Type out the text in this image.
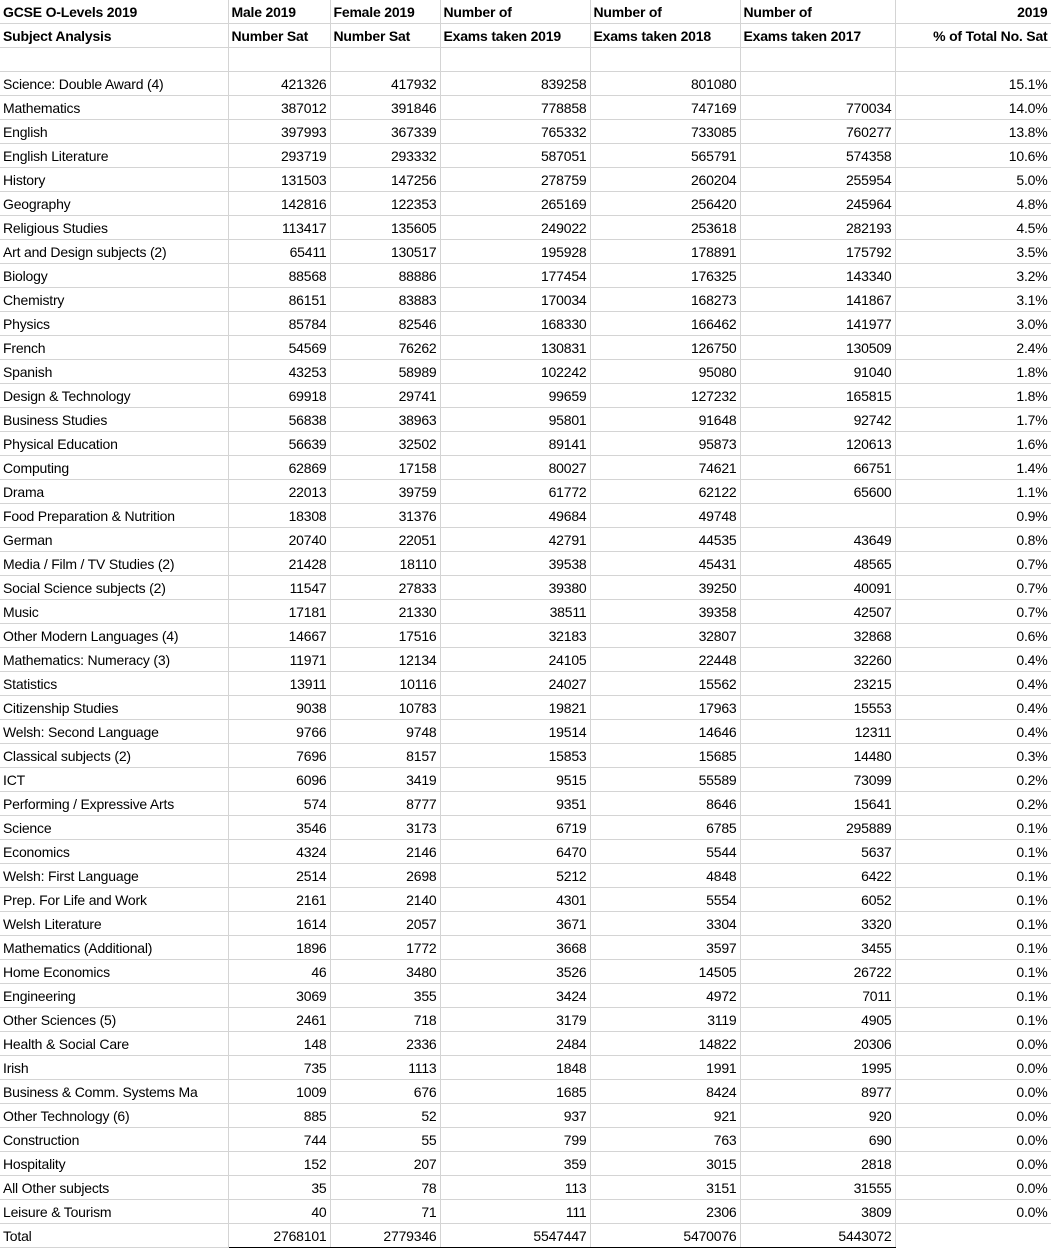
GCSE O-Levels 2019	Male 2019	Female 2019	Number of	Number of	Number of	2019
Subject Analysis	Number Sat	Number Sat	Exams taken 2019	Exams taken 2018	Exams taken 2017	% of Total No. Sat

Science: Double Award (4)	421326	417932	839258	801080		15.1%
Mathematics	387012	391846	778858	747169	770034	14.0%
English	397993	367339	765332	733085	760277	13.8%
English Literature	293719	293332	587051	565791	574358	10.6%
History	131503	147256	278759	260204	255954	5.0%
Geography	142816	122353	265169	256420	245964	4.8%
Religious Studies	113417	135605	249022	253618	282193	4.5%
Art and Design subjects (2)	65411	130517	195928	178891	175792	3.5%
Biology	88568	88886	177454	176325	143340	3.2%
Chemistry	86151	83883	170034	168273	141867	3.1%
Physics	85784	82546	168330	166462	141977	3.0%
French	54569	76262	130831	126750	130509	2.4%
Spanish	43253	58989	102242	95080	91040	1.8%
Design & Technology	69918	29741	99659	127232	165815	1.8%
Business Studies	56838	38963	95801	91648	92742	1.7%
Physical Education	56639	32502	89141	95873	120613	1.6%
Computing	62869	17158	80027	74621	66751	1.4%
Drama	22013	39759	61772	62122	65600	1.1%
Food Preparation & Nutrition	18308	31376	49684	49748		0.9%
German	20740	22051	42791	44535	43649	0.8%
Media / Film / TV Studies (2)	21428	18110	39538	45431	48565	0.7%
Social Science subjects (2)	11547	27833	39380	39250	40091	0.7%
Music	17181	21330	38511	39358	42507	0.7%
Other Modern Languages (4)	14667	17516	32183	32807	32868	0.6%
Mathematics: Numeracy (3)	11971	12134	24105	22448	32260	0.4%
Statistics	13911	10116	24027	15562	23215	0.4%
Citizenship Studies	9038	10783	19821	17963	15553	0.4%
Welsh: Second Language	9766	9748	19514	14646	12311	0.4%
Classical subjects (2)	7696	8157	15853	15685	14480	0.3%
ICT	6096	3419	9515	55589	73099	0.2%
Performing / Expressive Arts	574	8777	9351	8646	15641	0.2%
Science	3546	3173	6719	6785	295889	0.1%
Economics	4324	2146	6470	5544	5637	0.1%
Welsh: First Language	2514	2698	5212	4848	6422	0.1%
Prep. For Life and Work	2161	2140	4301	5554	6052	0.1%
Welsh Literature	1614	2057	3671	3304	3320	0.1%
Mathematics (Additional)	1896	1772	3668	3597	3455	0.1%
Home Economics	46	3480	3526	14505	26722	0.1%
Engineering	3069	355	3424	4972	7011	0.1%
Other Sciences (5)	2461	718	3179	3119	4905	0.1%
Health & Social Care	148	2336	2484	14822	20306	0.0%
Irish	735	1113	1848	1991	1995	0.0%
Business & Comm. Systems Ma	1009	676	1685	8424	8977	0.0%
Other Technology (6)	885	52	937	921	920	0.0%
Construction	744	55	799	763	690	0.0%
Hospitality	152	207	359	3015	2818	0.0%
All Other subjects	35	78	113	3151	31555	0.0%
Leisure & Tourism	40	71	111	2306	3809	0.0%
Total	2768101	2779346	5547447	5470076	5443072	
